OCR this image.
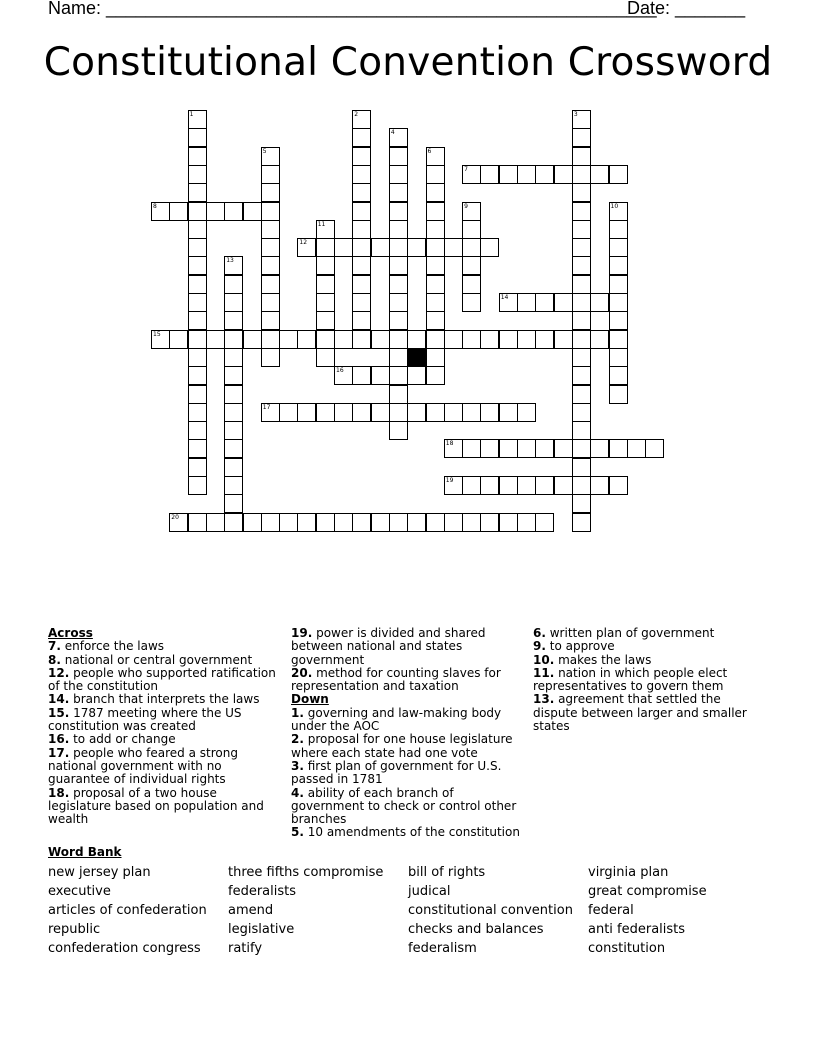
Name: _______________________________________________________
Date: _______
Constitutional Convention Crossword
1	2	3
4
5	6
7
8	9	10
11
12
13
14
15
16
17
18
19
20

Across

7. enforce the laws

8. national or central government

12. people who supported ratification of the constitution

14. branch that interprets the laws

15. 1787 meeting where the US constitution was created

16. to add or change

17. people who feared a strong national government with no guarantee of individual rights

18. proposal of a two house legislature based on population and wealth

19. power is divided and shared between national and states government

20. method for counting slaves for representation and taxation

Down

1. governing and law-making body under the AOC

2. proposal for one house legislature where each state had one vote

3. first plan of government for U.S. passed in 1781

4. ability of each branch of government to check or control other branches

5. 10 amendments of the constitution

6. written plan of government

9. to approve

10. makes the laws

11. nation in which people elect representatives to govern them

13. agreement that settled the dispute between larger and smaller states

Word Bank
new jersey plan
executive
articles of confederation
republic
confederation congress
three fifths compromise
federalists
amend
legislative
ratify
bill of rights
judical
constitutional convention
checks and balances
federalism
virginia plan
great compromise
federal
anti federalists
constitution
